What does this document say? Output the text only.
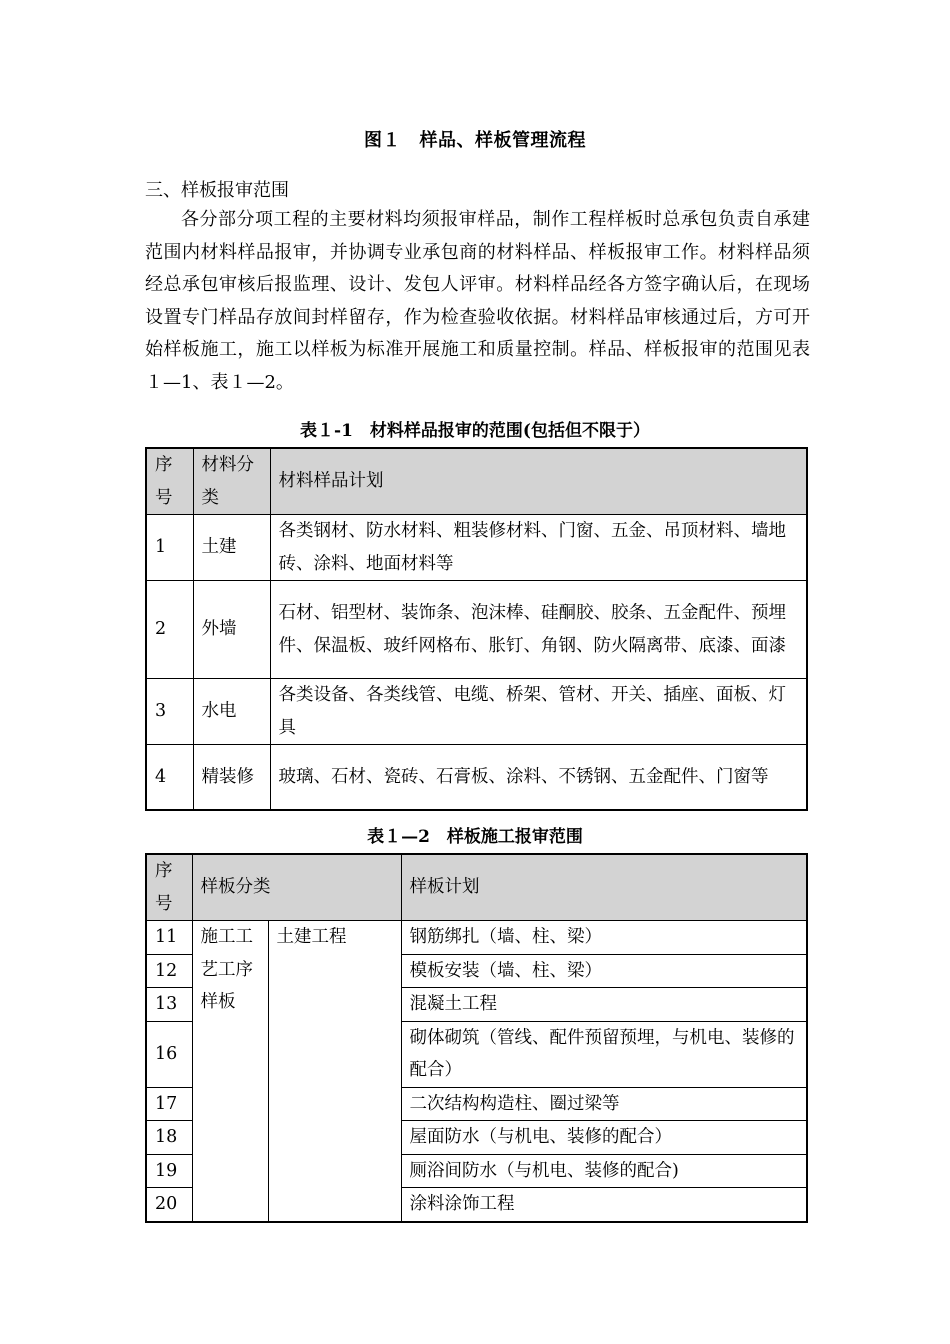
图１　样品、样板管理流程
三、样板报审范围
各分部分项工程的主要材料均须报审样品，制作工程样板时总承包负责自承建范围内材料样品报审，并协调专业承包商的材料样品、样板报审工作。材料样品须经总承包审核后报监理、设计、发包人评审。材料样品经各方签字确认后，在现场设置专门样品存放间封样留存，作为检查验收依据。材料样品审核通过后，方可开始样板施工，施工以样板为标准开展施工和质量控制。样品、样板报审的范围见表１—1、表１—2。
表１-1　材料样品报审的范围(包括但不限于）
序号	材料分类	材料样品计划
1	土建	各类钢材、防水材料、粗装修材料、门窗、五金、吊顶材料、墙地砖、涂料、地面材料等
2	外墙	石材、铝型材、装饰条、泡沫棒、硅酮胶、胶条、五金配件、预埋件、保温板、玻纤网格布、胀钉、角钢、防火隔离带、底漆、面漆
3	水电	各类设备、各类线管、电缆、桥架、管材、开关、插座、面板、灯具
4	精装修	玻璃、石材、瓷砖、石膏板、涂料、不锈钢、五金配件、门窗等
表１—2　样板施工报审范围
序号	样板分类		样板计划
11	施工工艺工序样板	土建工程	钢筋绑扎（墙、柱、梁）
12			模板安装（墙、柱、梁）
13			混凝土工程
16			砌体砌筑（管线、配件预留预埋，与机电、装修的配合）
17			二次结构构造柱、圈过梁等
18			屋面防水（与机电、装修的配合）
19			厕浴间防水（与机电、装修的配合)
20			涂料涂饰工程
